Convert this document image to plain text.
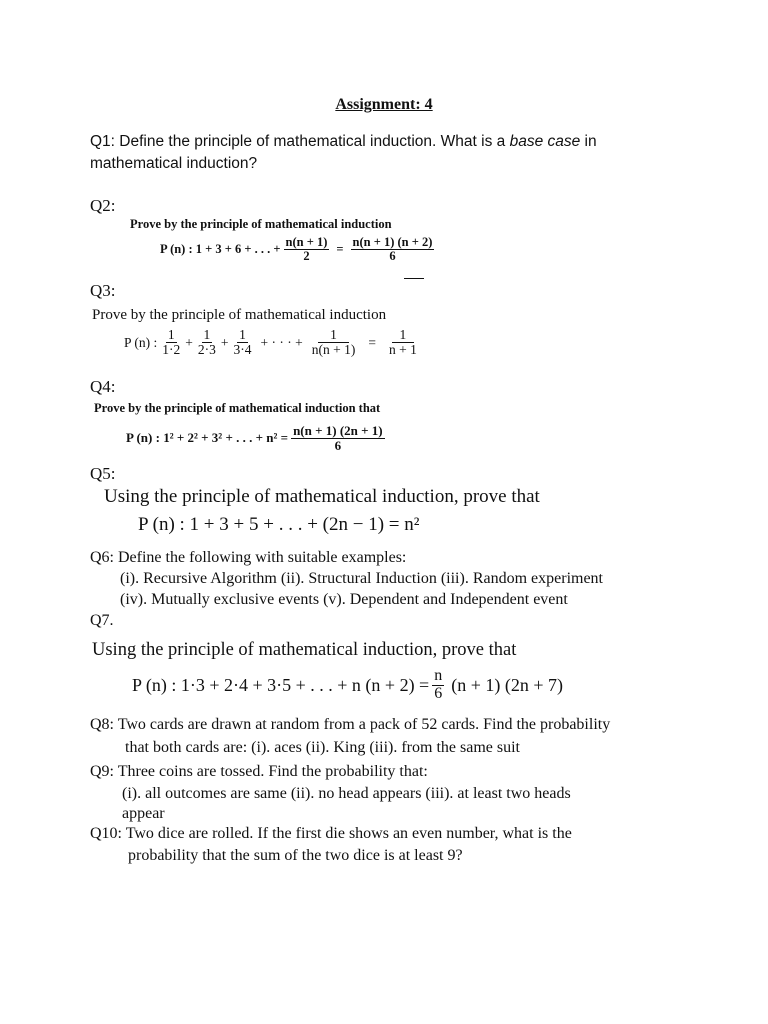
Assignment: 4
Q1: Define the principle of mathematical induction. What is a base case in mathematical induction?
Q2:
Prove by the principle of mathematical induction
P (n) : 1 + 3 + 6 + . . . + $\frac{n(n + 1)}{2} = \frac{n(n + 1) (n + 2)}{6}$
Q3:
Prove by the principle of mathematical induction
P (n) : $\frac{1}{1\cdot 2} + \frac{1}{2\cdot 3} + \frac{1}{3\cdot 4}$ + · · · + $\frac{1}{n(n + 1)} = \frac{1}{n + 1}$
Q4:
Prove by the principle of mathematical induction that
P (n) : 1² + 2² + 3² + . . . + $n^2 = \frac{n(n + 1) (2n + 1)}{6}$
Q5:
Using the principle of mathematical induction, prove that
P (n) : 1 + 3 + 5 + . . . + (2n − 1) = n²
Q6: Define the following with suitable examples:
(i). Recursive Algorithm (ii). Structural Induction (iii). Random experiment
(iv). Mutually exclusive events (v). Dependent and Independent event
Q7.
Using the principle of mathematical induction, prove that
P (n) : 1·3 + 2·4 + 3·5 + . . . + n $(n + 2) = \frac{n}{6} (n + 1) (2n + 7)$
Q8: Two cards are drawn at random from a pack of 52 cards. Find the probability
that both cards are: (i). aces (ii). King (iii). from the same suit
Q9: Three coins are tossed. Find the probability that:
(i). all outcomes are same (ii). no head appears (iii). at least two heads
appear
Q10: Two dice are rolled. If the first die shows an even number, what is the
probability that the sum of the two dice is at least 9?
